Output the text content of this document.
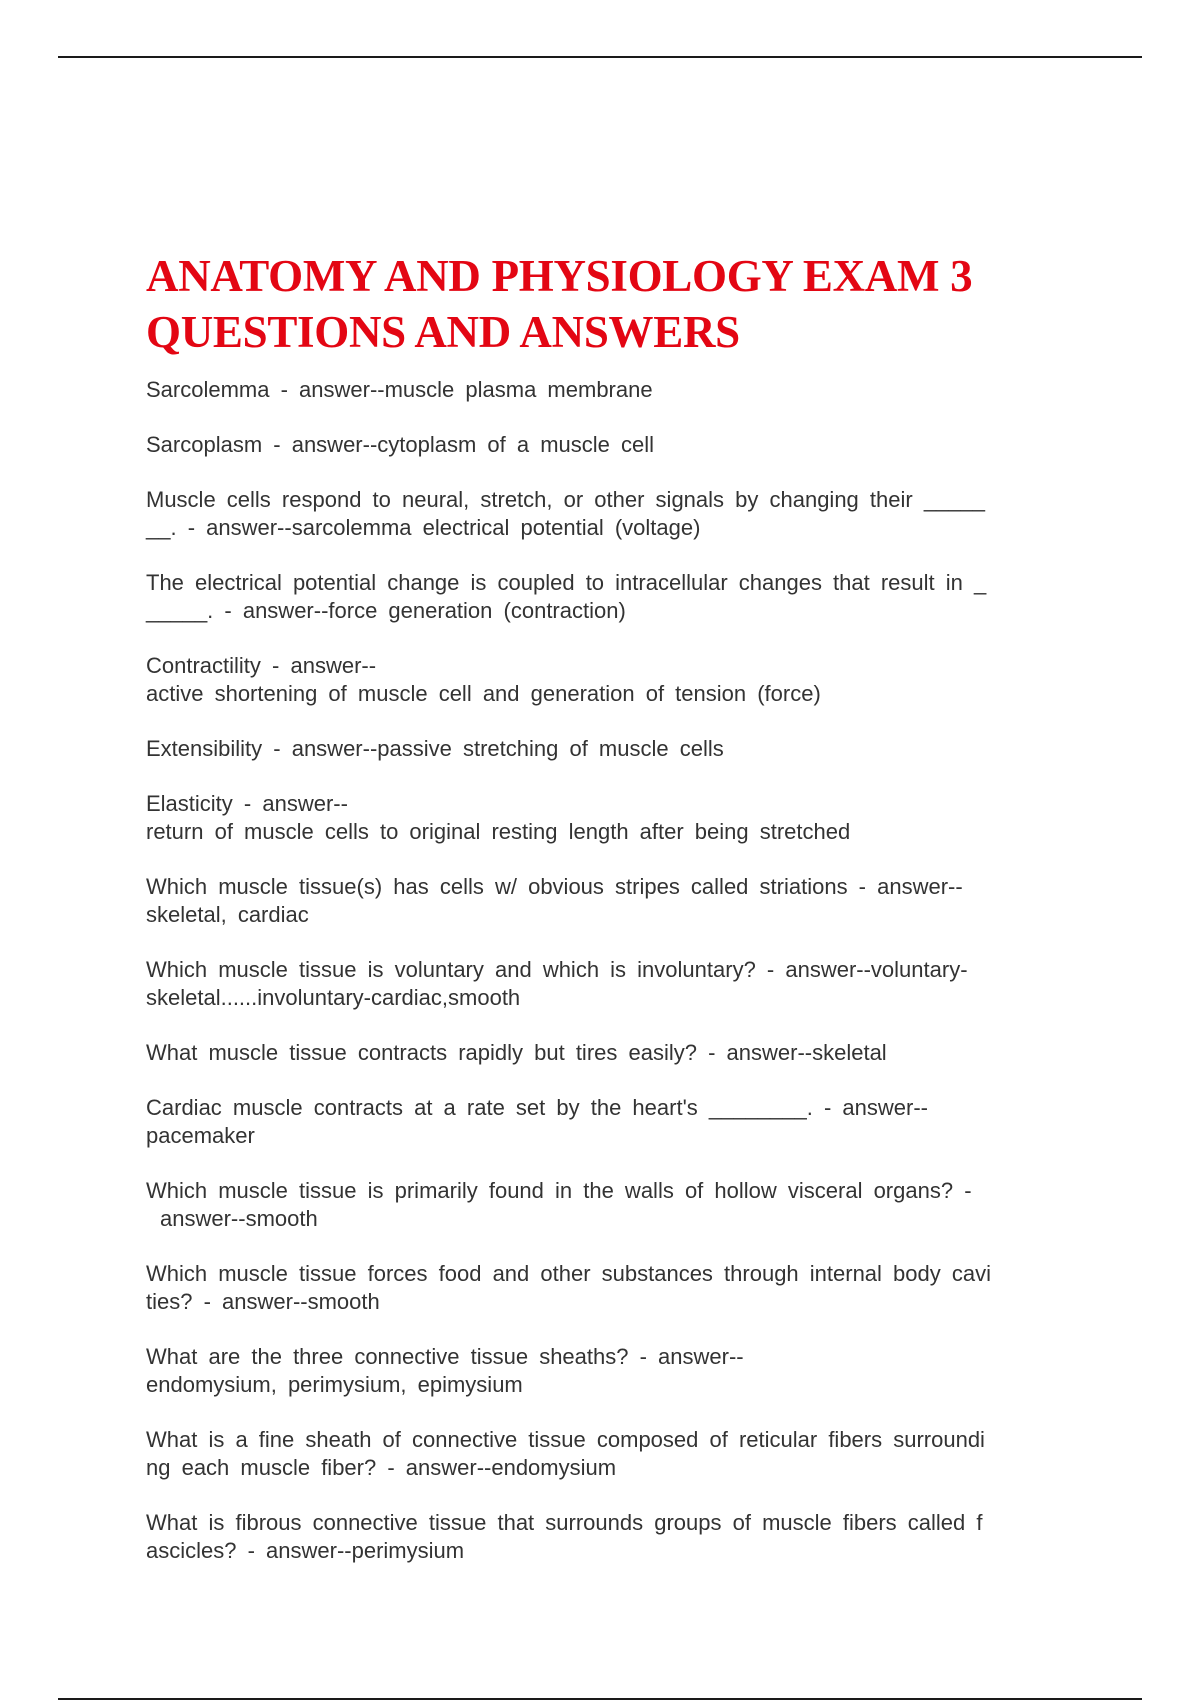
ANATOMY AND PHYSIOLOGY EXAM 3
QUESTIONS AND ANSWERS

Sarcolemma - answer--muscle plasma membrane

Sarcoplasm - answer--cytoplasm of a muscle cell

Muscle cells respond to neural, stretch, or other signals by changing their _____
__. - answer--sarcolemma electrical potential (voltage)

The electrical potential change is coupled to intracellular changes that result in _
_____. - answer--force generation (contraction)

Contractility - answer--
active shortening of muscle cell and generation of tension (force)

Extensibility - answer--passive stretching of muscle cells

Elasticity - answer--
return of muscle cells to original resting length after being stretched

Which muscle tissue(s) has cells w/ obvious stripes called striations - answer--
skeletal, cardiac

Which muscle tissue is voluntary and which is involuntary? - answer--voluntary-
skeletal......involuntary-cardiac,smooth

What muscle tissue contracts rapidly but tires easily? - answer--skeletal

Cardiac muscle contracts at a rate set by the heart's ________. - answer--
pacemaker

Which muscle tissue is primarily found in the walls of hollow visceral organs? -
answer--smooth

Which muscle tissue forces food and other substances through internal body cavi
ties? - answer--smooth

What are the three connective tissue sheaths? - answer--
endomysium, perimysium, epimysium

What is a fine sheath of connective tissue composed of reticular fibers surroundi
ng each muscle fiber? - answer--endomysium

What is fibrous connective tissue that surrounds groups of muscle fibers called f
ascicles? - answer--perimysium
